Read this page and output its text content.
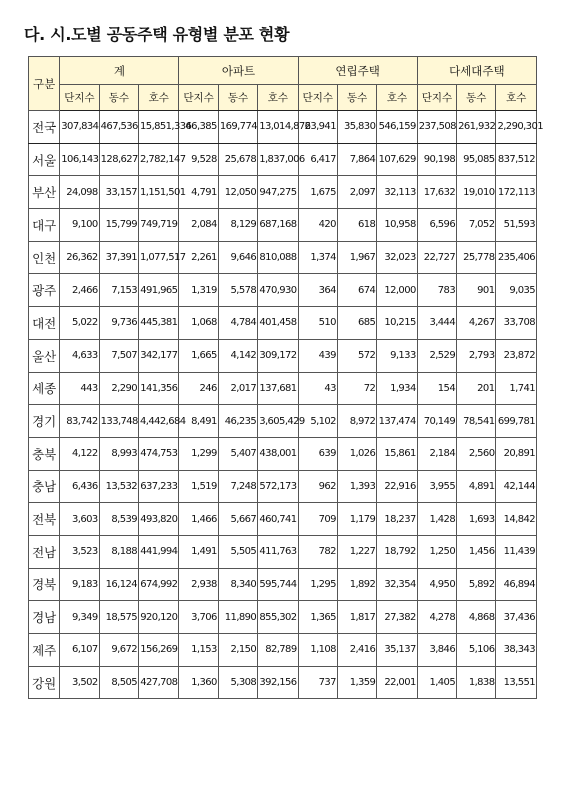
다. 시.도별 공동주택 유형별 분포 현황
구분	계			아파트			연립주택			다세대주택		
	단지수	동수	호수	단지수	동수	호수	단지수	동수	호수	단지수	동수	호수
전국	307,834	467,536	15,851,336	46,385	169,774	13,014,876	23,941	35,830	546,159	237,508	261,932	2,290,301
서울	106,143	128,627	2,782,147	9,528	25,678	1,837,006	6,417	7,864	107,629	90,198	95,085	837,512
부산	24,098	33,157	1,151,501	4,791	12,050	947,275	1,675	2,097	32,113	17,632	19,010	172,113
대구	9,100	15,799	749,719	2,084	8,129	687,168	420	618	10,958	6,596	7,052	51,593
인천	26,362	37,391	1,077,517	2,261	9,646	810,088	1,374	1,967	32,023	22,727	25,778	235,406
광주	2,466	7,153	491,965	1,319	5,578	470,930	364	674	12,000	783	901	9,035
대전	5,022	9,736	445,381	1,068	4,784	401,458	510	685	10,215	3,444	4,267	33,708
울산	4,633	7,507	342,177	1,665	4,142	309,172	439	572	9,133	2,529	2,793	23,872
세종	443	2,290	141,356	246	2,017	137,681	43	72	1,934	154	201	1,741
경기	83,742	133,748	4,442,684	8,491	46,235	3,605,429	5,102	8,972	137,474	70,149	78,541	699,781
충북	4,122	8,993	474,753	1,299	5,407	438,001	639	1,026	15,861	2,184	2,560	20,891
충남	6,436	13,532	637,233	1,519	7,248	572,173	962	1,393	22,916	3,955	4,891	42,144
전북	3,603	8,539	493,820	1,466	5,667	460,741	709	1,179	18,237	1,428	1,693	14,842
전남	3,523	8,188	441,994	1,491	5,505	411,763	782	1,227	18,792	1,250	1,456	11,439
경북	9,183	16,124	674,992	2,938	8,340	595,744	1,295	1,892	32,354	4,950	5,892	46,894
경남	9,349	18,575	920,120	3,706	11,890	855,302	1,365	1,817	27,382	4,278	4,868	37,436
제주	6,107	9,672	156,269	1,153	2,150	82,789	1,108	2,416	35,137	3,846	5,106	38,343
강원	3,502	8,505	427,708	1,360	5,308	392,156	737	1,359	22,001	1,405	1,838	13,551
